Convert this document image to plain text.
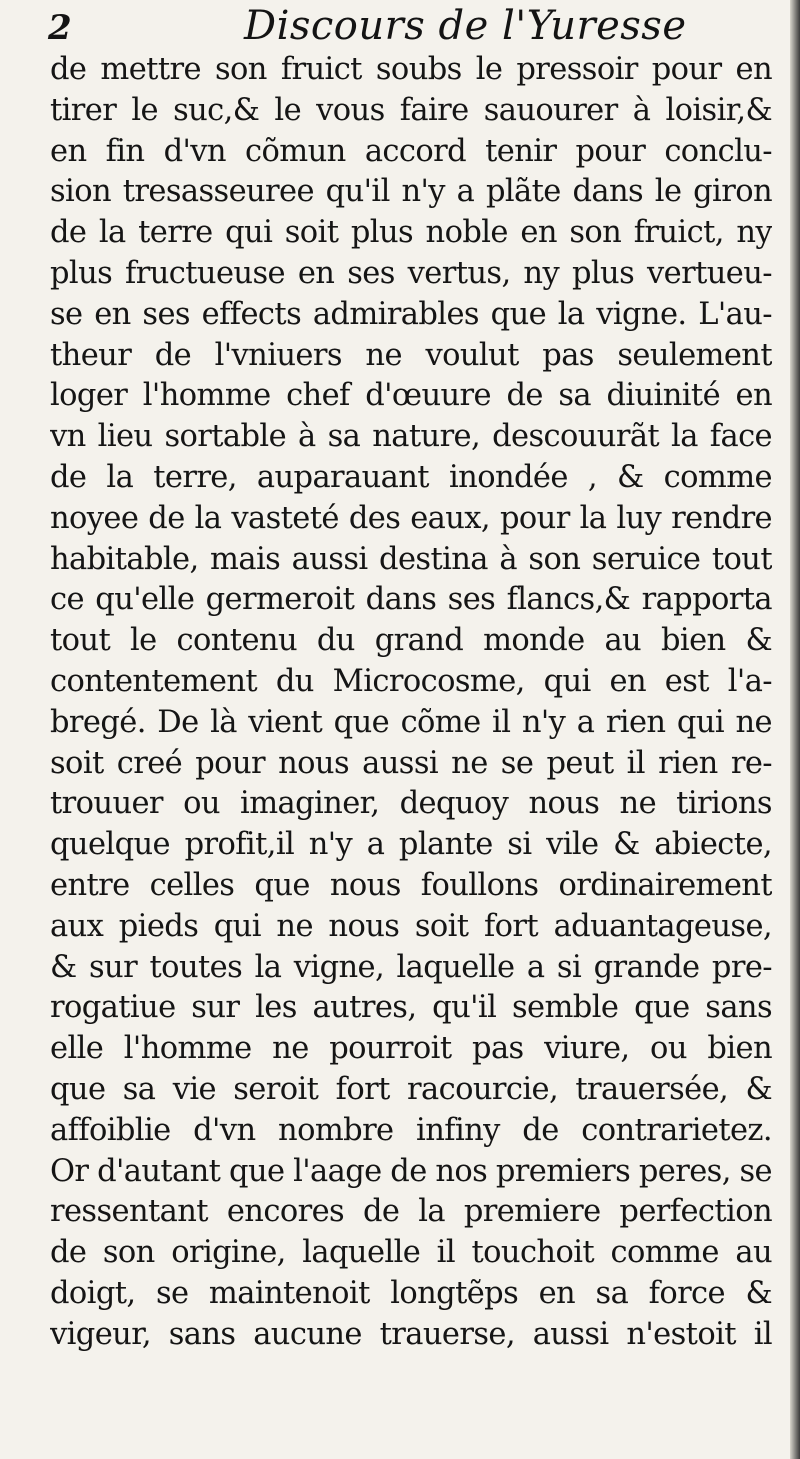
2	Discours de l'Yuresse
de mettre son fruict soubs le pressoir pour en
tirer le suc,& le vous faire sauourer à loisir,&
en fin d'vn cõmun accord tenir pour conclu-
sion tresasseuree qu'il n'y a plãte dans le giron
de la terre qui soit plus noble en son fruict, ny
plus fructueuse en ses vertus, ny plus vertueu-
se en ses effects admirables que la vigne. L'au-
theur de l'vniuers ne voulut pas seulement
loger l'homme chef d'œuure de sa diuinité en
vn lieu sortable à sa nature, descouurãt la face
de la terre, auparauant inondée , & comme
noyee de la vasteté des eaux, pour la luy rendre
habitable, mais aussi destina à son seruice tout
ce qu'elle germeroit dans ses flancs,& rapporta
tout le contenu du grand monde au bien &
contentement du Microcosme, qui en est l'a-
bregé. De là vient que cõme il n'y a rien qui ne
soit creé pour nous aussi ne se peut il rien re-
trouuer ou imaginer, dequoy nous ne tirions
quelque profit,il n'y a plante si vile & abiecte,
entre celles que nous foullons ordinairement
aux pieds qui ne nous soit fort aduantageuse,
& sur toutes la vigne, laquelle a si grande pre-
rogatiue sur les autres, qu'il semble que sans
elle l'homme ne pourroit pas viure, ou bien
que sa vie seroit fort racourcie, trauersée, &
affoiblie d'vn nombre infiny de contrarietez.
Or d'autant que l'aage de nos premiers peres, se
ressentant encores de la premiere perfection
de son origine, laquelle il touchoit comme au
doigt, se maintenoit longtẽps en sa force &
vigeur, sans aucune trauerse, aussi n'estoit il
